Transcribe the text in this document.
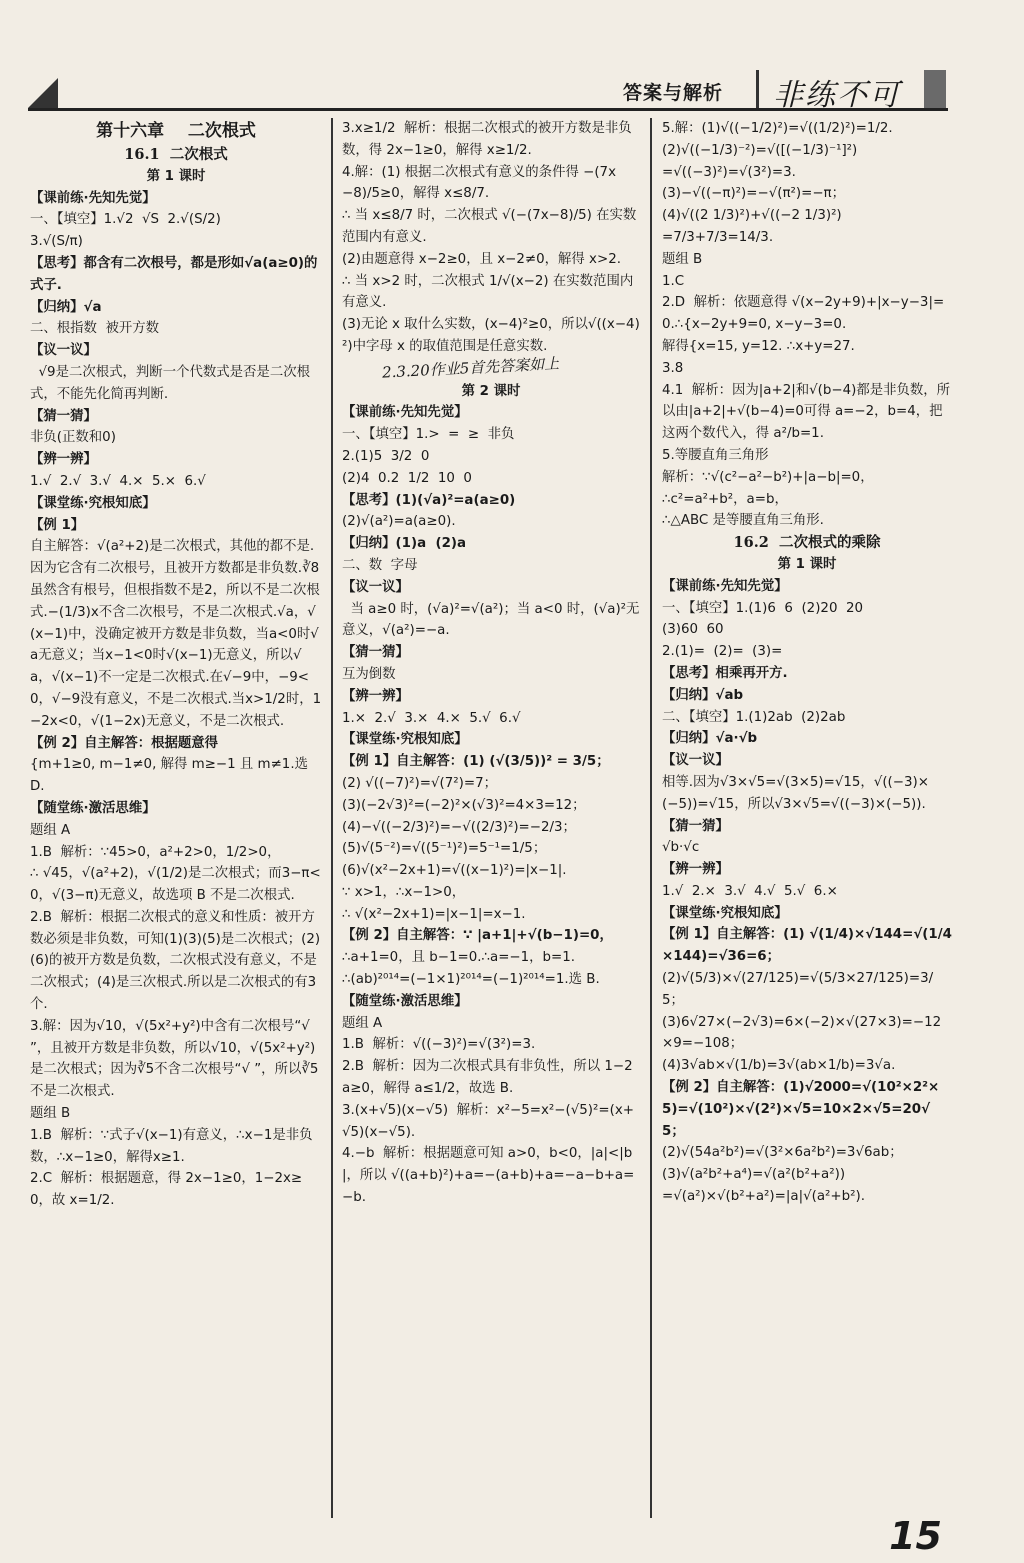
答案与解析 非练不可
第十六章    二次根式
16.1  二次根式
第 1 课时
【课前练·先知先觉】
一、【填空】1.√2  √S  2.√(S/2)
3.√(S/π)
【思考】都含有二次根号，都是形如√a(a≥0)的式子.
【归纳】√a
二、根指数  被开方数
【议一议】
√9是二次根式，判断一个代数式是否是二次根式，不能先化简再判断.
【猜一猜】
非负(正数和0)
【辨一辨】
1.√  2.√  3.√  4.×  5.×  6.√
【课堂练·究根知底】
【例 1】
自主解答：√(a²+2)是二次根式，其他的都不是.因为它含有二次根号，且被开方数都是非负数.∛8虽然含有根号，但根指数不是2，所以不是二次根式.−(1/3)x不含二次根号，不是二次根式.√a，√(x−1)中，没确定被开方数是非负数，当a<0时√a无意义；当x−1<0时√(x−1)无意义，所以√a，√(x−1)不一定是二次根式.在√−9中，−9<0，√−9没有意义，不是二次根式.当x>1/2时，1−2x<0，√(1−2x)无意义，不是二次根式.
【例 2】自主解答：根据题意得
{m+1≥0, m−1≠0, 解得 m≥−1 且 m≠1.选 D.
【随堂练·激活思维】
题组 A
1.B  解析：∵45>0，a²+2>0，1/2>0，
∴ √45，√(a²+2)，√(1/2)是二次根式；而3−π<0，√(3−π)无意义，故选项 B 不是二次根式.
2.B  解析：根据二次根式的意义和性质：被开方数必须是非负数，可知(1)(3)(5)是二次根式；(2)(6)的被开方数是负数，二次根式没有意义，不是二次根式；(4)是三次根式.所以是二次根式的有3个.
3.解：因为√10，√(5x²+y²)中含有二次根号“√ ”，且被开方数是非负数，所以√10，√(5x²+y²)是二次根式；因为∛5不含二次根号“√ ”，所以∛5不是二次根式.
题组 B
1.B  解析：∵式子√(x−1)有意义，∴x−1是非负数，∴x−1≥0，解得x≥1.
2.C  解析：根据题意，得 2x−1≥0，1−2x≥0，故 x=1/2.
3.x≥1/2  解析：根据二次根式的被开方数是非负数，得 2x−1≥0，解得 x≥1/2.
4.解：(1) 根据二次根式有意义的条件得 −(7x−8)/5≥0，解得 x≤8/7.
∴ 当 x≤8/7 时，二次根式 √(−(7x−8)/5) 在实数范围内有意义.
(2)由题意得 x−2≥0，且 x−2≠0，解得 x>2.
∴ 当 x>2 时，二次根式 1/√(x−2) 在实数范围内有意义.
(3)无论 x 取什么实数，(x−4)²≥0，所以√((x−4)²)中字母 x 的取值范围是任意实数.
2.3.20作业5首先答案如上
第 2 课时
【课前练·先知先觉】
一、【填空】1.>  =  ≥  非负
2.(1)5  3/2  0
(2)4  0.2  1/2  10  0
【思考】(1)(√a)²=a(a≥0)
(2)√(a²)=a(a≥0).
【归纳】(1)a  (2)a
二、数  字母
【议一议】
当 a≥0 时，(√a)²=√(a²)；当 a<0 时，(√a)²无意义，√(a²)=−a.
【猜一猜】
互为倒数
【辨一辨】
1.×  2.√  3.×  4.×  5.√  6.√
【课堂练·究根知底】
【例 1】自主解答：(1) (√(3/5))² = 3/5；
(2) √((−7)²)=√(7²)=7；
(3)(−2√3)²=(−2)²×(√3)²=4×3=12；
(4)−√((−2/3)²)=−√((2/3)²)=−2/3；
(5)√(5⁻²)=√((5⁻¹)²)=5⁻¹=1/5；
(6)√(x²−2x+1)=√((x−1)²)=|x−1|.
∵ x>1，∴x−1>0，
∴ √(x²−2x+1)=|x−1|=x−1.
【例 2】自主解答：∵ |a+1|+√(b−1)=0，
∴a+1=0，且 b−1=0.∴a=−1，b=1.
∴(ab)²⁰¹⁴=(−1×1)²⁰¹⁴=(−1)²⁰¹⁴=1.选 B.
【随堂练·激活思维】
题组 A
1.B  解析：√((−3)²)=√(3²)=3.
2.B  解析：因为二次根式具有非负性，所以 1−2a≥0，解得 a≤1/2，故选 B.
3.(x+√5)(x−√5)  解析：x²−5=x²−(√5)²=(x+√5)(x−√5).
4.−b  解析：根据题意可知 a>0，b<0，|a|<|b|，所以 √((a+b)²)+a=−(a+b)+a=−a−b+a=−b.
5.解：(1)√((−1/2)²)=√((1/2)²)=1/2.
(2)√((−1/3)⁻²)=√([(−1/3)⁻¹]²)
=√((−3)²)=√(3²)=3.
(3)−√((−π)²)=−√(π²)=−π；
(4)√((2 1/3)²)+√((−2 1/3)²)
=7/3+7/3=14/3.
题组 B
1.C
2.D  解析：依题意得 √(x−2y+9)+|x−y−3|=0.∴{x−2y+9=0, x−y−3=0.
解得{x=15, y=12. ∴x+y=27.
3.8
4.1  解析：因为|a+2|和√(b−4)都是非负数，所以由|a+2|+√(b−4)=0可得 a=−2，b=4，把这两个数代入，得 a²/b=1.
5.等腰直角三角形
解析：∵√(c²−a²−b²)+|a−b|=0，
∴c²=a²+b²，a=b，
∴△ABC 是等腰直角三角形.
16.2  二次根式的乘除
第 1 课时
【课前练·先知先觉】
一、【填空】1.(1)6  6  (2)20  20
(3)60  60
2.(1)=  (2)=  (3)=
【思考】相乘再开方.
【归纳】√ab
二、【填空】1.(1)2ab  (2)2ab
【归纳】√a·√b
【议一议】
相等.因为√3×√5=√(3×5)=√15，√((−3)×(−5))=√15，所以√3×√5=√((−3)×(−5)).
【猜一猜】
√b·√c
【辨一辨】
1.√  2.×  3.√  4.√  5.√  6.×
【课堂练·究根知底】
【例 1】自主解答：(1) √(1/4)×√144=√(1/4×144)=√36=6；
(2)√(5/3)×√(27/125)=√(5/3×27/125)=3/5；
(3)6√27×(−2√3)=6×(−2)×√(27×3)=−12×9=−108；
(4)3√ab×√(1/b)=3√(ab×1/b)=3√a.
【例 2】自主解答：(1)√2000=√(10²×2²×5)=√(10²)×√(2²)×√5=10×2×√5=20√5；
(2)√(54a²b²)=√(3²×6a²b²)=3√6ab；
(3)√(a²b²+a⁴)=√(a²(b²+a²))
=√(a²)×√(b²+a²)=|a|√(a²+b²).
15
